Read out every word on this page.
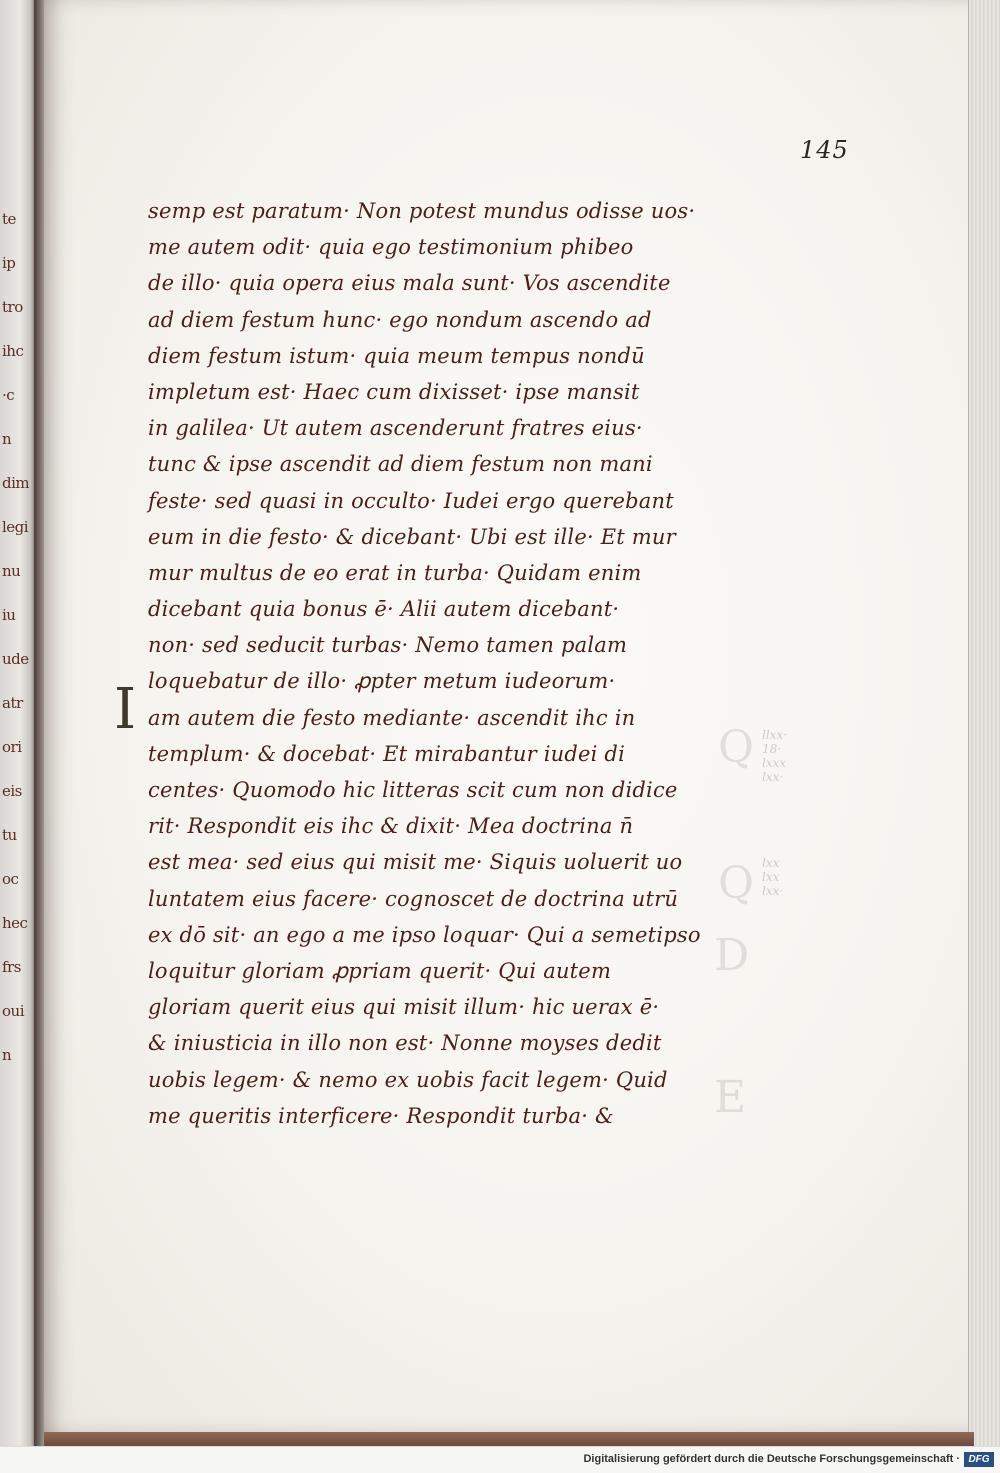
te
ip
tro
ihc
·c
n
dim
legi
nu
iu
ude
atr
ori
eis
tu
oc
hec
frs
oui
n
Q
Q
D
E
llxx·
18·
lxxx
lxx·
lxx
lxx
lxx·
145
I
semp est paratum· Non potest mundus odisse uos·
me autem odit· quia ego testimonium phibeo
de illo· quia opera eius mala sunt· Vos ascendite
ad diem festum hunc· ego nondum ascendo ad
diem festum istum· quia meum tempus nondū
impletum est· Haec cum dixisset· ipse mansit
in galilea· Ut autem ascenderunt fratres eius·
tunc & ipse ascendit ad diem festum non mani
feste· sed quasi in occulto· Iudei ergo querebant
eum in die festo· & dicebant· Ubi est ille· Et mur
mur multus de eo erat in turba· Quidam enim
dicebant quia bonus ē· Alii autem dicebant·
non· sed seducit turbas· Nemo tamen palam
loquebatur de illo· ꝓpter metum iudeorum·
am autem die festo mediante· ascendit ihc in
templum· & docebat· Et mirabantur iudei di
centes· Quomodo hic litteras scit cum non didice
rit· Respondit eis ihc & dixit· Mea doctrina n̄
est mea· sed eius qui misit me· Siquis uoluerit uo
luntatem eius facere· cognoscet de doctrina utrū
ex dō sit· an ego a me ipso loquar· Qui a semetipso
loquitur gloriam ꝓpriam querit· Qui autem
gloriam querit eius qui misit illum· hic uerax ē·
& iniusticia in illo non est· Nonne moyses dedit
uobis legem· & nemo ex uobis facit legem· Quid
me queritis interficere· Respondit turba· &
Digitalisierung gefördert durch die Deutsche Forschungsgemeinschaft · DFG
